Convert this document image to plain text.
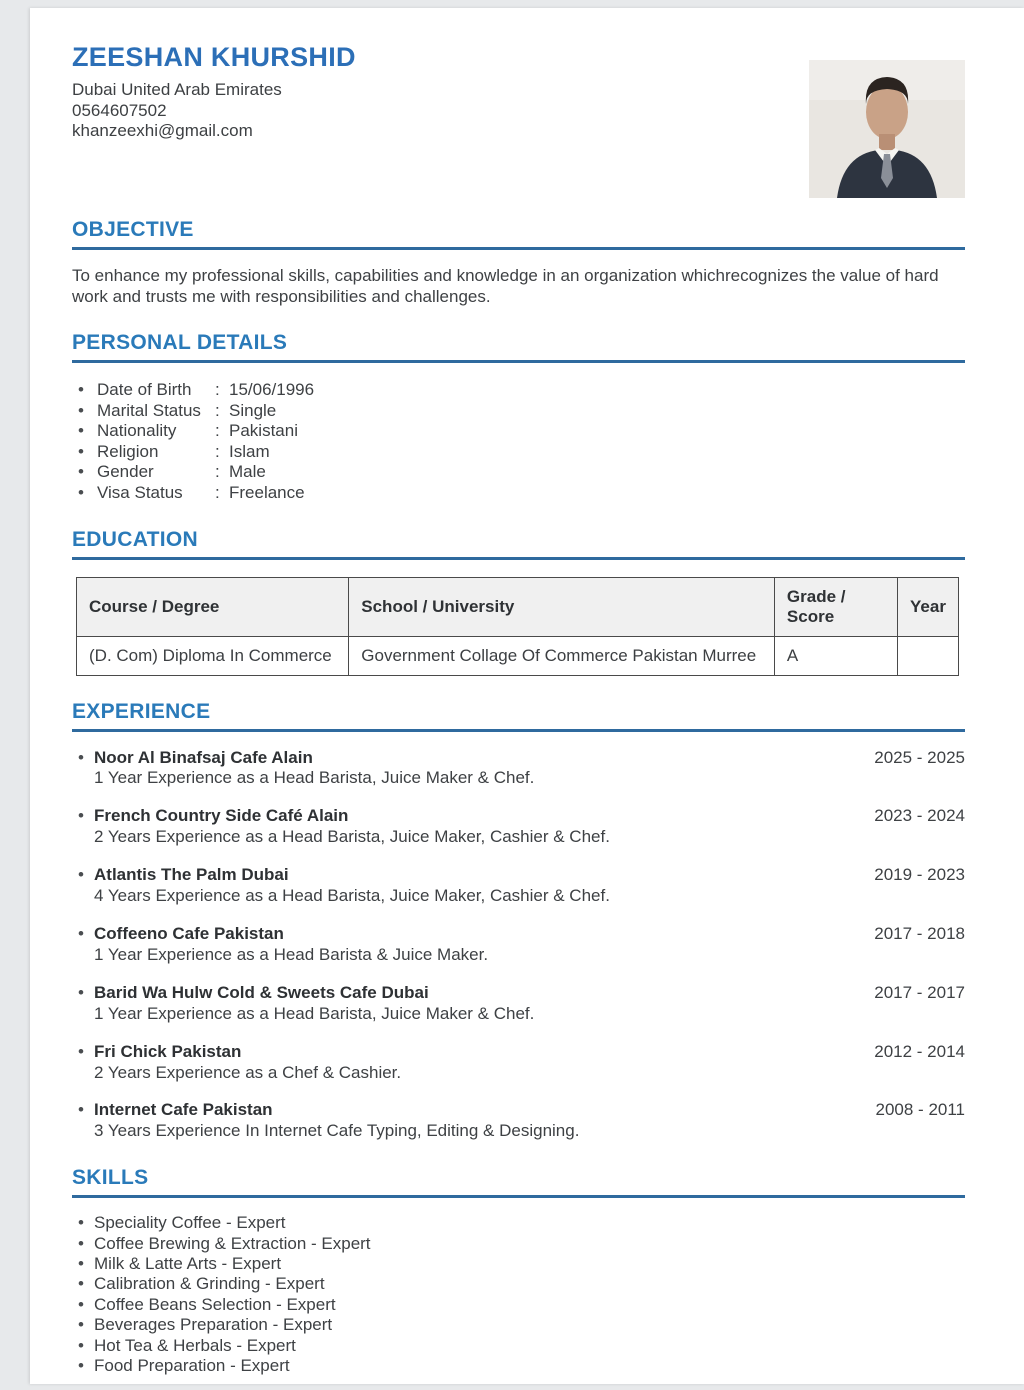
ZEESHAN KHURSHID
Dubai United Arab Emirates
0564607502
khanzeexhi@gmail.com
OBJECTIVE
To enhance my professional skills, capabilities and knowledge in an organization whichrecognizes the value of hard work and trusts me with responsibilities and challenges.
PERSONAL DETAILS
• Date of Birth	: 15/06/1996
• Marital Status : Single
• Nationality	: Pakistani
• Religion	: Islam
• Gender	: Male
• Visa Status	: Freelance
EDUCATION
Course / Degree	School / University	Grade / Score	Year
(D. Com) Diploma In Commerce	Government Collage Of Commerce Pakistan Murree	A	
EXPERIENCE
• Noor Al Binafsaj Cafe Alain	2025 - 2025
1 Year Experience as a Head Barista, Juice Maker & Chef.
• French Country Side Café Alain	2023 - 2024
2 Years Experience as a Head Barista, Juice Maker, Cashier & Chef.
• Atlantis The Palm Dubai	2019 - 2023
4 Years Experience as a Head Barista, Juice Maker, Cashier & Chef.
• Coffeeno Cafe Pakistan	2017 - 2018
1 Year Experience as a Head Barista & Juice Maker.
• Barid Wa Hulw Cold & Sweets Cafe Dubai	2017 - 2017
1 Year Experience as a Head Barista, Juice Maker & Chef.
• Fri Chick Pakistan	2012 - 2014
2 Years Experience as a Chef & Cashier.
• Internet Cafe Pakistan	2008 - 2011
3 Years Experience In Internet Cafe Typing, Editing & Designing.
SKILLS
• Speciality Coffee - Expert
• Coffee Brewing & Extraction - Expert
• Milk & Latte Arts - Expert
• Calibration & Grinding - Expert
• Coffee Beans Selection - Expert
• Beverages Preparation - Expert
• Hot Tea & Herbals - Expert
• Food Preparation - Expert
